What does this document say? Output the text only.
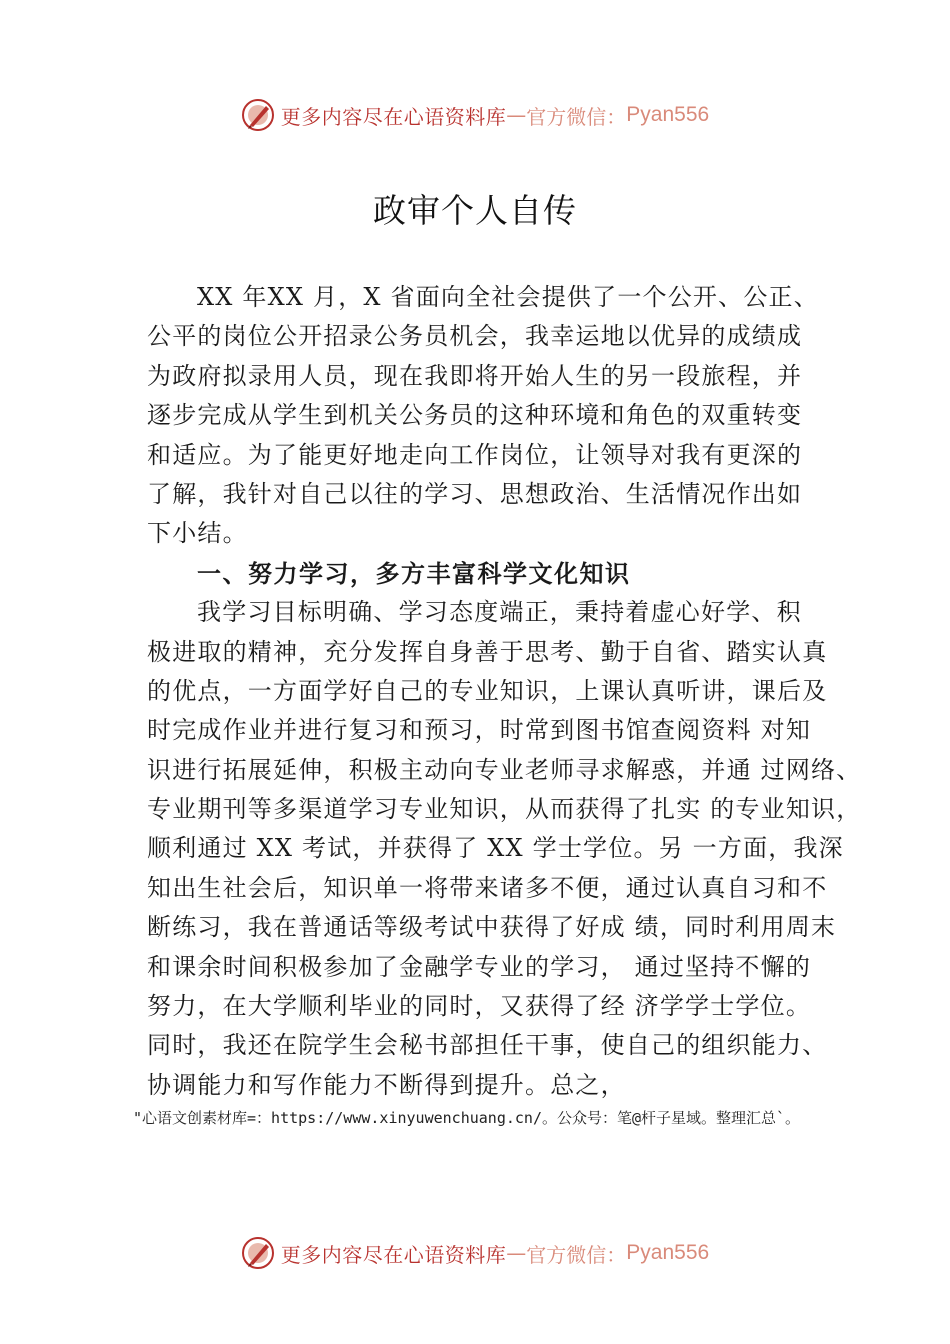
更多内容尽在心语资料库 — 官方微信： Pyan556
政审个人自传
XX 年XX 月，X 省面向全社会提供了一个公开、公正、
公平的岗位公开招录公务员机会，我幸运地以优异的成绩成
为政府拟录用人员，现在我即将开始人生的另一段旅程，并
逐步完成从学生到机关公务员的这种环境和角色的双重转变
和适应。为了能更好地走向工作岗位，让领导对我有更深的
了解，我针对自己以往的学习、思想政治、生活情况作出如
下小结。
一、努力学习，多方丰富科学文化知识
我学习目标明确、学习态度端正，秉持着虚心好学、积
极进取的精神，充分发挥自身善于思考、勤于自省、踏实认真
的优点，一方面学好自己的专业知识，上课认真听讲，课后及
时完成作业并进行复习和预习，时常到图书馆查阅资料 对知
识进行拓展延伸，积极主动向专业老师寻求解惑，并通 过网络、
专业期刊等多渠道学习专业知识，从而获得了扎实 的专业知识，
顺利通过 XX 考试，并获得了 XX 学士学位。另 一方面，我深
知出生社会后，知识单一将带来诸多不便，通过认真自习和不
断练习，我在普通话等级考试中获得了好成 绩，同时利用周末
和课余时间积极参加了金融学专业的学习， 通过坚持不懈的
努力，在大学顺利毕业的同时，又获得了经 济学学士学位。
同时，我还在院学生会秘书部担任干事，使自己的组织能力、
协调能力和写作能力不断得到提升。总之，
"心语文创素材库=：https://www.xinyuwenchuang.cn/。公众号：笔@杆子星域。整理汇总`。
更多内容尽在心语资料库 — 官方微信： Pyan556
